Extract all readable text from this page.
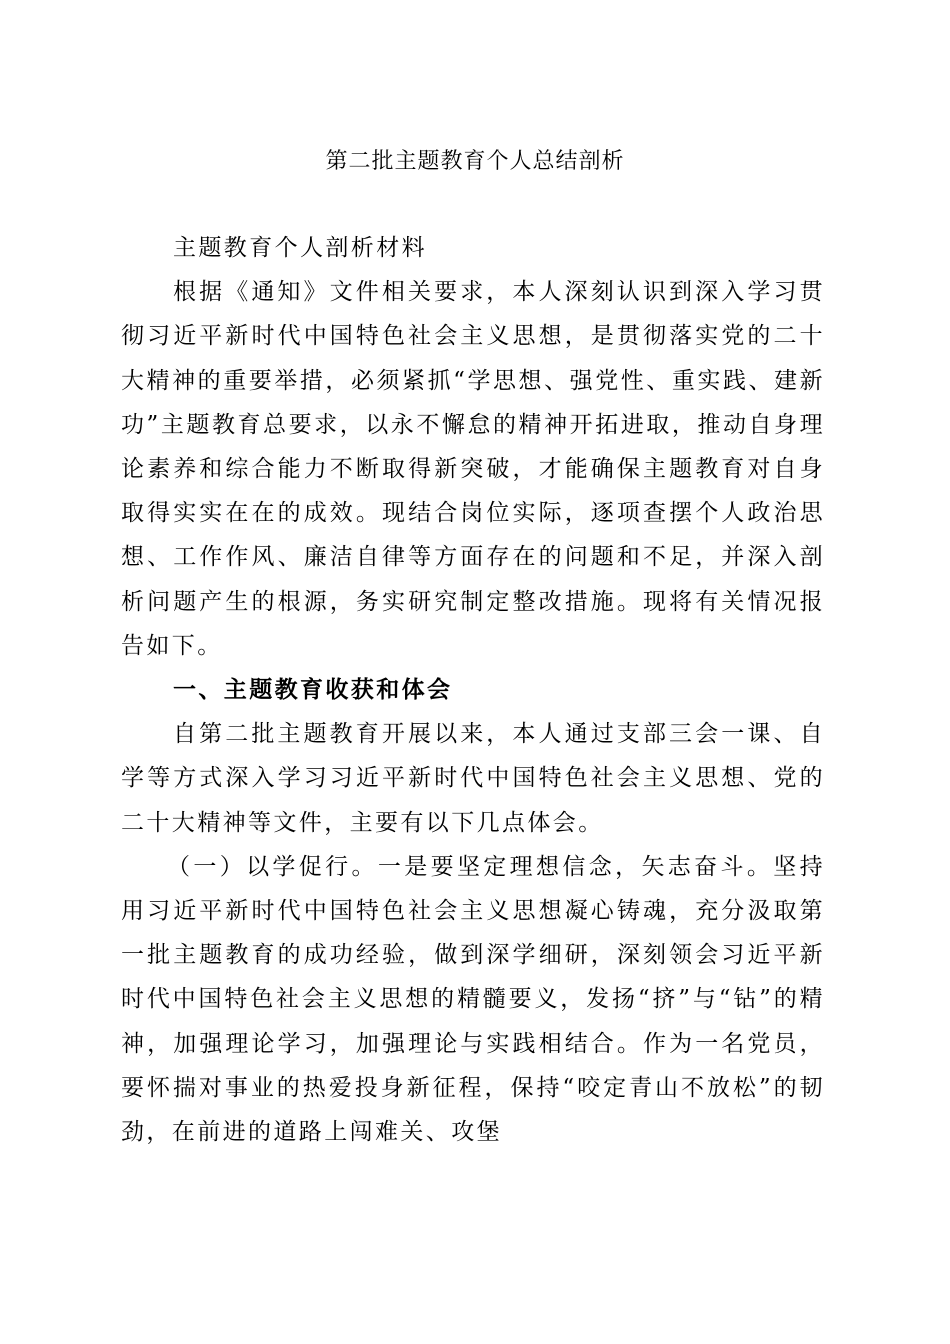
第二批主题教育个人总结剖析

主题教育个人剖析材料

根据《通知》文件相关要求，本人深刻认识到深入学习贯彻习近平新时代中国特色社会主义思想，是贯彻落实党的二十大精神的重要举措，必须紧抓“学思想、强党性、重实践、建新功”主题教育总要求，以永不懈怠的精神开拓进取，推动自身理论素养和综合能力不断取得新突破，才能确保主题教育对自身取得实实在在的成效。现结合岗位实际，逐项查摆个人政治思想、工作作风、廉洁自律等方面存在的问题和不足，并深入剖析问题产生的根源，务实研究制定整改措施。现将有关情况报告如下。

一、主题教育收获和体会

自第二批主题教育开展以来，本人通过支部三会一课、自学等方式深入学习习近平新时代中国特色社会主义思想、党的二十大精神等文件，主要有以下几点体会。

（一）以学促行。一是要坚定理想信念，矢志奋斗。坚持用习近平新时代中国特色社会主义思想凝心铸魂，充分汲取第一批主题教育的成功经验，做到深学细研，深刻领会习近平新时代中国特色社会主义思想的精髓要义，发扬“挤”与“钻”的精神，加强理论学习，加强理论与实践相结合。作为一名党员，要怀揣对事业的热爱投身新征程，保持“咬定青山不放松”的韧劲，在前进的道路上闯难关、攻堡
